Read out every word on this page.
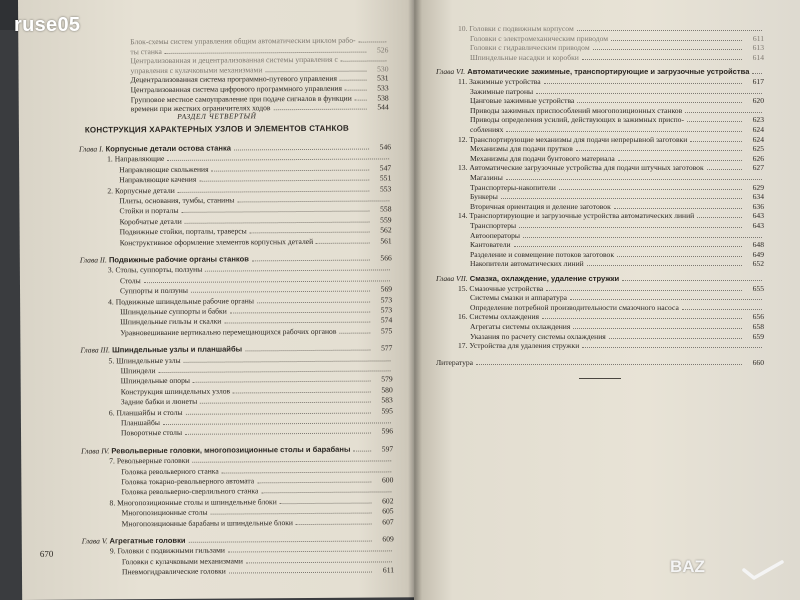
Блок-схемы систем управления общим автоматическим циклом рабо-
ты станка	526
Централизованная и децентрализованная системы управления с
управления с кулачковыми механизмами	530
Децентрализованная система программно-путевого управления	531
Централизованная система цифрового программного управления	533
Групповое местное самоуправление при подаче сигналов в функции	538
времени при жестких ограничителях ходов	544
РАЗДЕЛ ЧЕТВЕРТЫЙ
КОНСТРУКЦИЯ ХАРАКТЕРНЫХ УЗЛОВ И ЭЛЕМЕНТОВ СТАНКОВ
Глава I. Корпусные детали остова станка	546
1. Направляющие
Направляющие скольжения	547
Направляющие качения	551
2. Корпусные детали	553
Плиты, основания, тумбы, станины
Стойки и порталы	558
Коробчатые детали	559
Подвижные стойки, порталы, траверсы	562
Конструктивное оформление элементов корпусных деталей	561
Глава II. Подвижные рабочие органы станков	566
3. Столы, суппорты, ползуны
Столы
Суппорты и ползуны	569
4. Подвижные шпиндельные рабочие органы	573
Шпиндельные суппорты и бабки	573
Шпиндельные гильзы и скалки	574
Уравновешивание вертикально перемещающихся рабочих органов	575
Глава III. Шпиндельные узлы и планшайбы	577
5. Шпиндельные узлы
Шпиндели
Шпиндельные опоры	579
Конструкция шпиндельных узлов	580
Задние бабки и люнеты	583
6. Планшайбы и столы	595
Планшайбы
Поворотные столы	596
Глава IV. Револьверные головки, многопозиционные столы и барабаны	597
7. Револьверные головки
Головка револьверного станка
Головка токарно-револьверного автомата	600
Головка револьверно-сверлильного станка
8. Многопозиционные столы и шпиндельные блоки	602
Многопозиционные столы	605
Многопозиционные барабаны и шпиндельные блоки	607
Глава V. Агрегатные головки	609
9. Головки с подвижными гильзами
Головки с кулачковыми механизмами
Пневмогидравлические головки	611
670
10. Головки с подвижным корпусом
Головки с электромеханическим приводом	611
Головки с гидравлическим приводом	613
Шпиндельные насадки и коробки	614
Глава VI. Автоматические зажимные, транспортирующие и загрузочные устройства
11. Зажимные устройства	617
Зажимные патроны
Цанговые зажимные устройства	620
Приводы зажимных приспособлений многопозиционных станков
Приводы определения усилий, действующих в зажимных приспо-	623
соблениях	624
12. Транспортирующие механизмы для подачи непрерывной заготовки	624
Механизмы для подачи прутков	625
Механизмы для подачи бунтового материала	626
13. Автоматические загрузочные устройства для подачи штучных заготовок	627
Магазины
Транспортеры-накопители	629
Бункеры	634
Вторичная ориентация и деление заготовок	636
14. Транспортирующие и загрузочные устройства автоматических линий	643
Транспортеры	643
Автооператоры
Кантователи	648
Разделение и совмещение потоков заготовок	649
Накопители автоматических линий	652
Глава VII. Смазка, охлаждение, удаление стружки
15. Смазочные устройства	655
Системы смазки и аппаратура
Определение потребной производительности смазочного насоса
16. Системы охлаждения	656
Агрегаты системы охлаждения	658
Указания по расчету системы охлаждения	659
17. Устройства для удаления стружки
Литература	660
ruse05
BAZ
